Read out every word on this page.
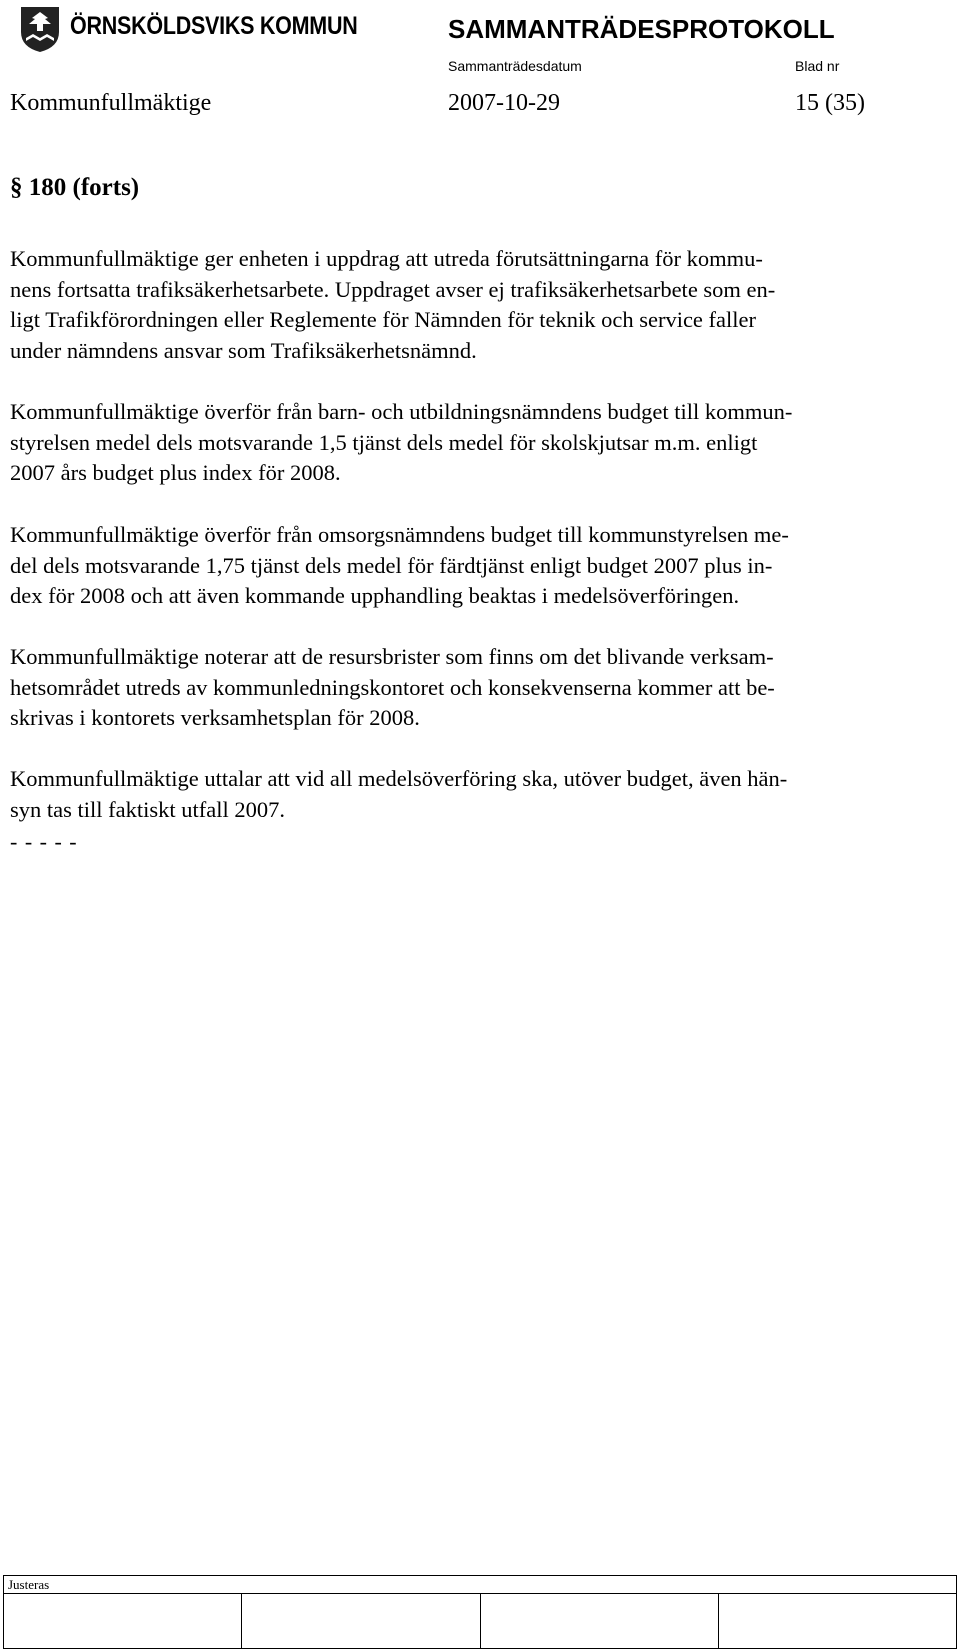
ÖRNSKÖLDSVIKS KOMMUN	SAMMANTRÄDESPROTOKOLL
Sammanträdesdatum	Blad nr
Kommunfullmäktige	2007-10-29	15 (35)
§ 180 (forts)
Kommunfullmäktige ger enheten i uppdrag att utreda förutsättningarna för kommu-
nens fortsatta trafiksäkerhetsarbete. Uppdraget avser ej trafiksäkerhetsarbete som en-
ligt Trafikförordningen eller Reglemente för Nämnden för teknik och service faller
under nämndens ansvar som Trafiksäkerhetsnämnd.
Kommunfullmäktige överför från barn- och utbildningsnämndens budget till kommun-
styrelsen medel dels motsvarande 1,5 tjänst dels medel för skolskjutsar m.m. enligt
2007 års budget plus index för 2008.
Kommunfullmäktige överför från omsorgsnämndens budget till kommunstyrelsen me-
del dels motsvarande 1,75 tjänst dels medel för färdtjänst enligt budget 2007 plus in-
dex för 2008 och att även kommande upphandling beaktas i medelsöverföringen.
Kommunfullmäktige noterar att de resursbrister som finns om det blivande verksam-
hetsområdet utreds av kommunledningskontoret och konsekvenserna kommer att be-
skrivas i kontorets verksamhetsplan för 2008.
Kommunfullmäktige uttalar att vid all medelsöverföring ska, utöver budget, även hän-
syn tas till faktiskt utfall 2007.
- - - - -
Justeras
